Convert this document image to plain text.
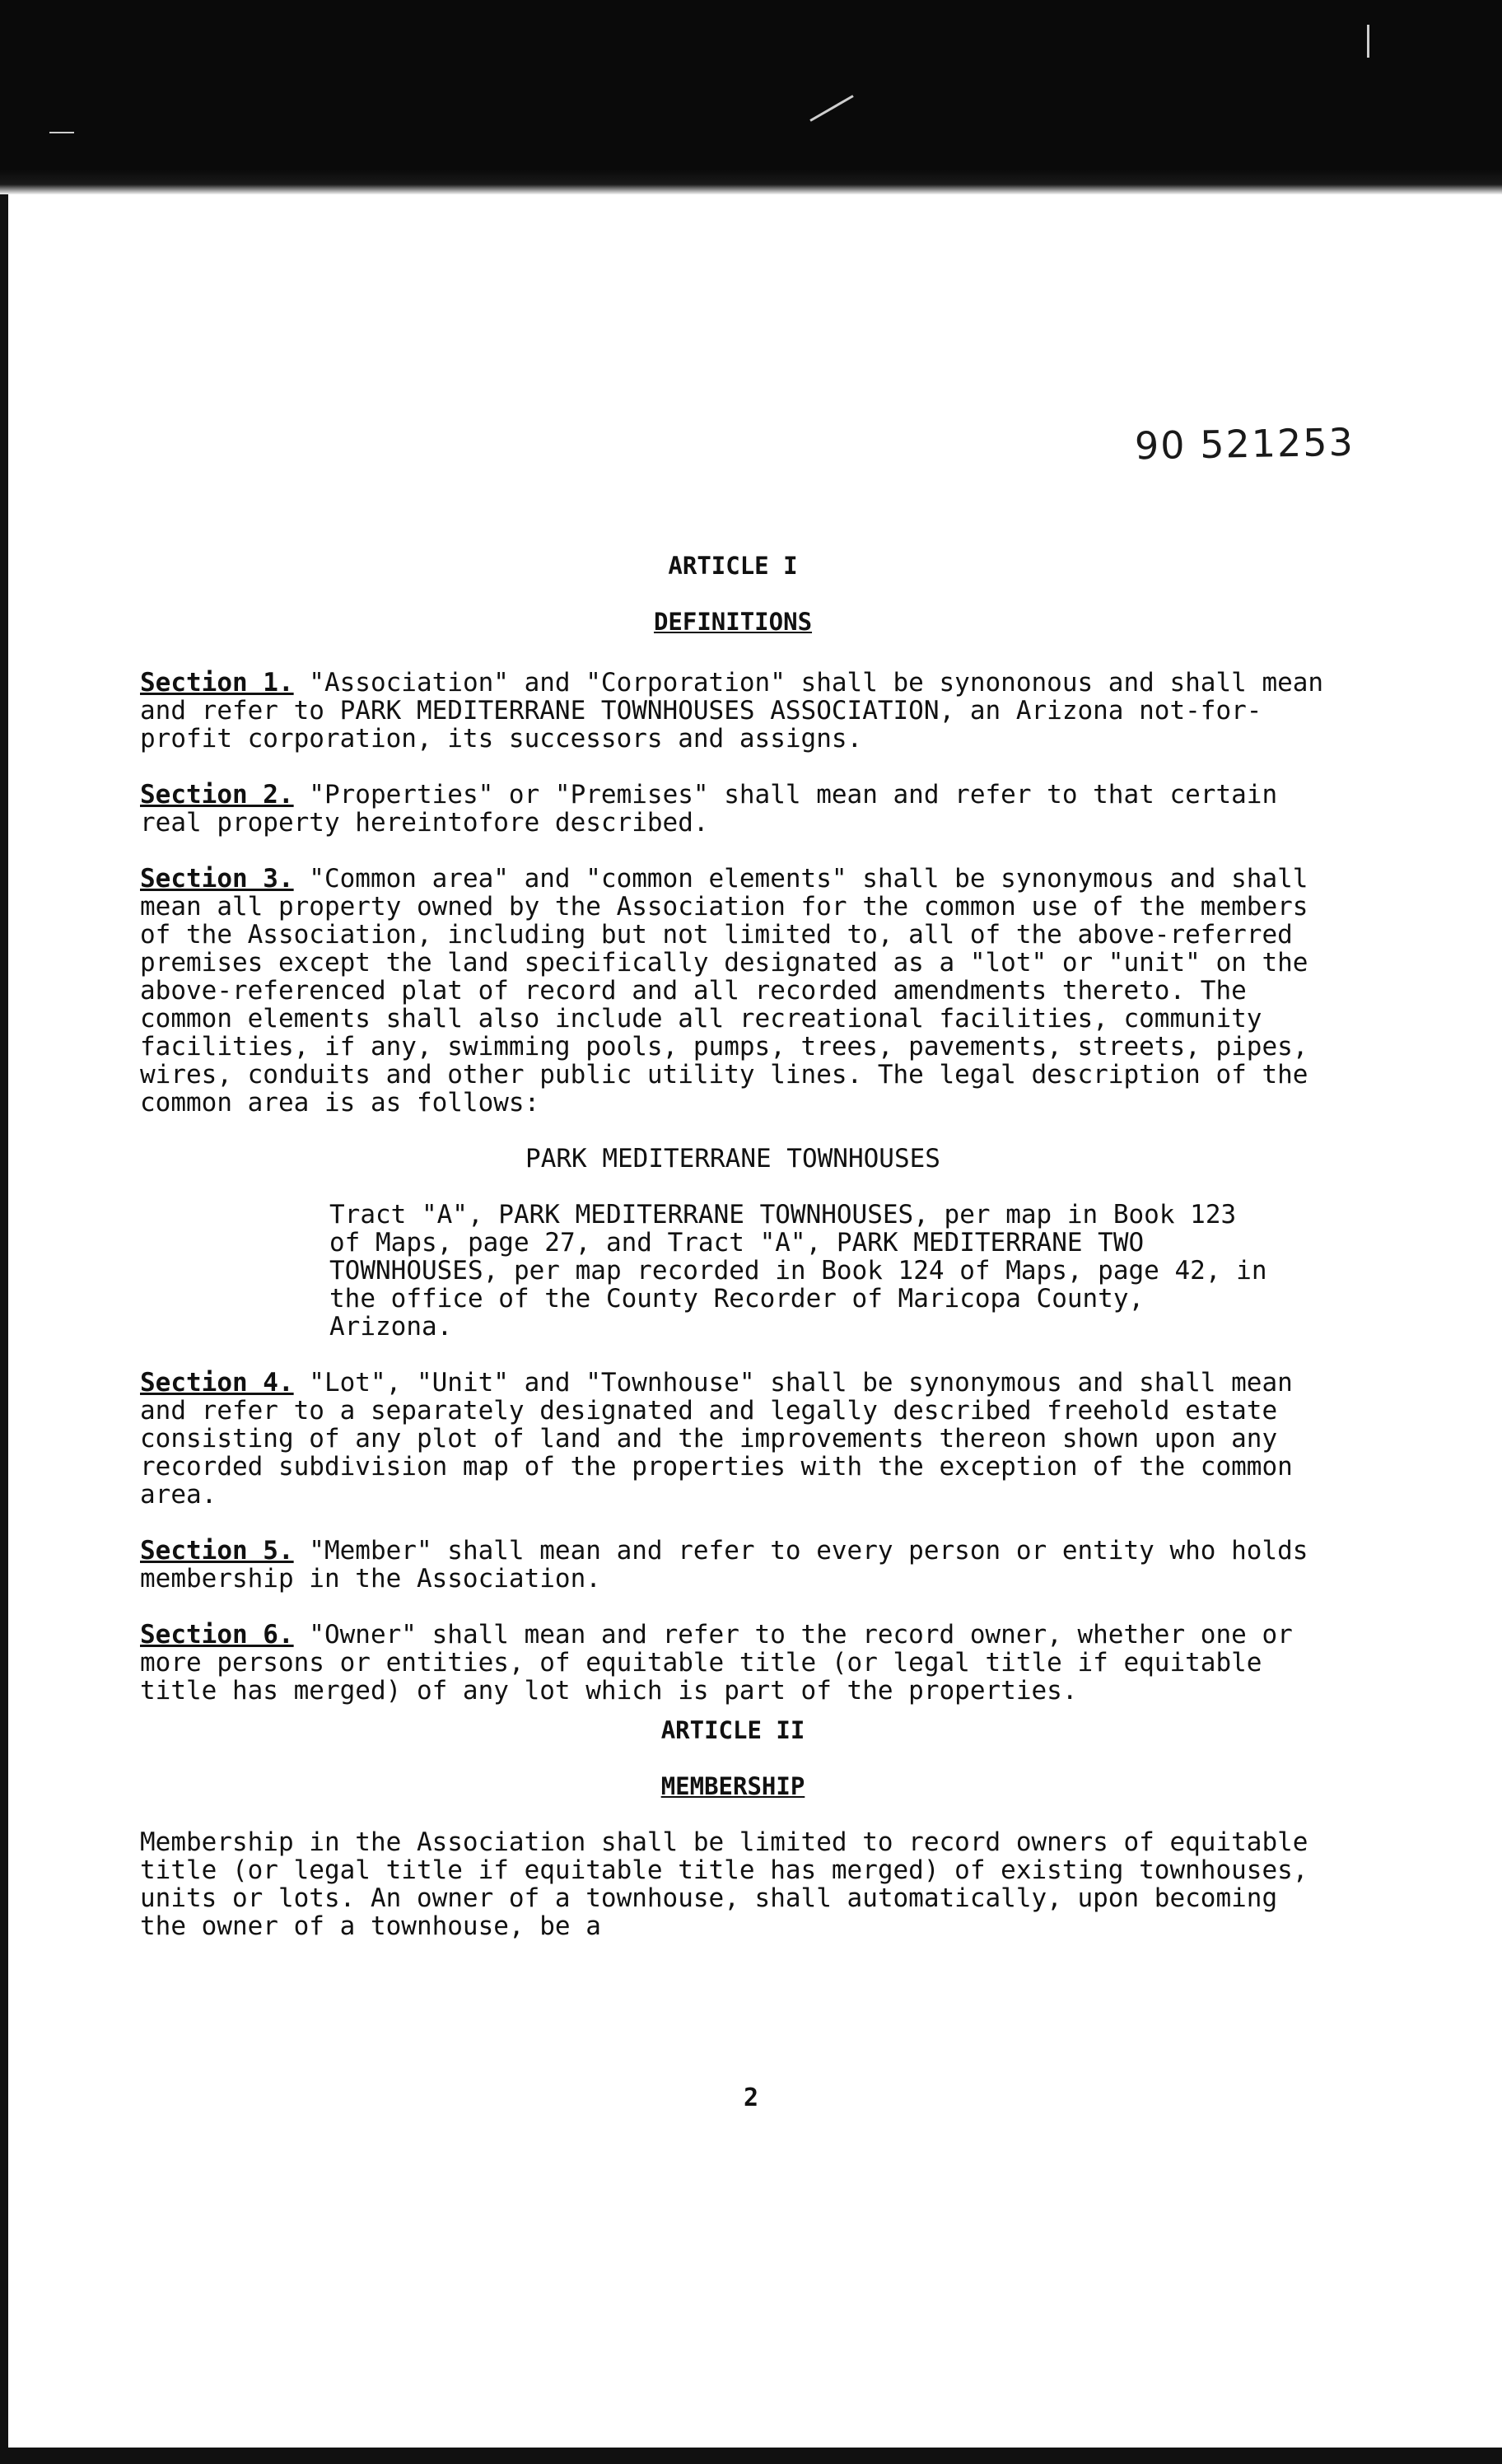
90 521253

ARTICLE I

DEFINITIONS

Section 1. "Association" and "Corporation" shall be synononous and shall mean and refer to PARK MEDITERRANE TOWNHOUSES ASSOCIATION, an Arizona not-for-profit corporation, its successors and assigns.

Section 2. "Properties" or "Premises" shall mean and refer to that certain real property hereintofore described.

Section 3. "Common area" and "common elements" shall be synonymous and shall mean all property owned by the Association for the common use of the members of the Association, including but not limited to, all of the above-referred premises except the land specifically designated as a "lot" or "unit" on the above-referenced plat of record and all recorded amendments thereto. The common elements shall also include all recreational facilities, community facilities, if any, swimming pools, pumps, trees, pavements, streets, pipes, wires, conduits and other public utility lines. The legal description of the common area is as follows:

PARK MEDITERRANE TOWNHOUSES

Tract "A", PARK MEDITERRANE TOWNHOUSES, per map in Book 123 of Maps, page 27, and Tract "A", PARK MEDITERRANE TWO TOWNHOUSES, per map recorded in Book 124 of Maps, page 42, in the office of the County Recorder of Maricopa County, Arizona.

Section 4. "Lot", "Unit" and "Townhouse" shall be synonymous and shall mean and refer to a separately designated and legally described freehold estate consisting of any plot of land and the improvements thereon shown upon any recorded subdivision map of the properties with the exception of the common area.

Section 5. "Member" shall mean and refer to every person or entity who holds membership in the Association.

Section 6. "Owner" shall mean and refer to the record owner, whether one or more persons or entities, of equitable title (or legal title if equitable title has merged) of any lot which is part of the properties.

ARTICLE II

MEMBERSHIP

Membership in the Association shall be limited to record owners of equitable title (or legal title if equitable title has merged) of existing townhouses, units or lots. An owner of a townhouse, shall automatically, upon becoming the owner of a townhouse, be a

2
